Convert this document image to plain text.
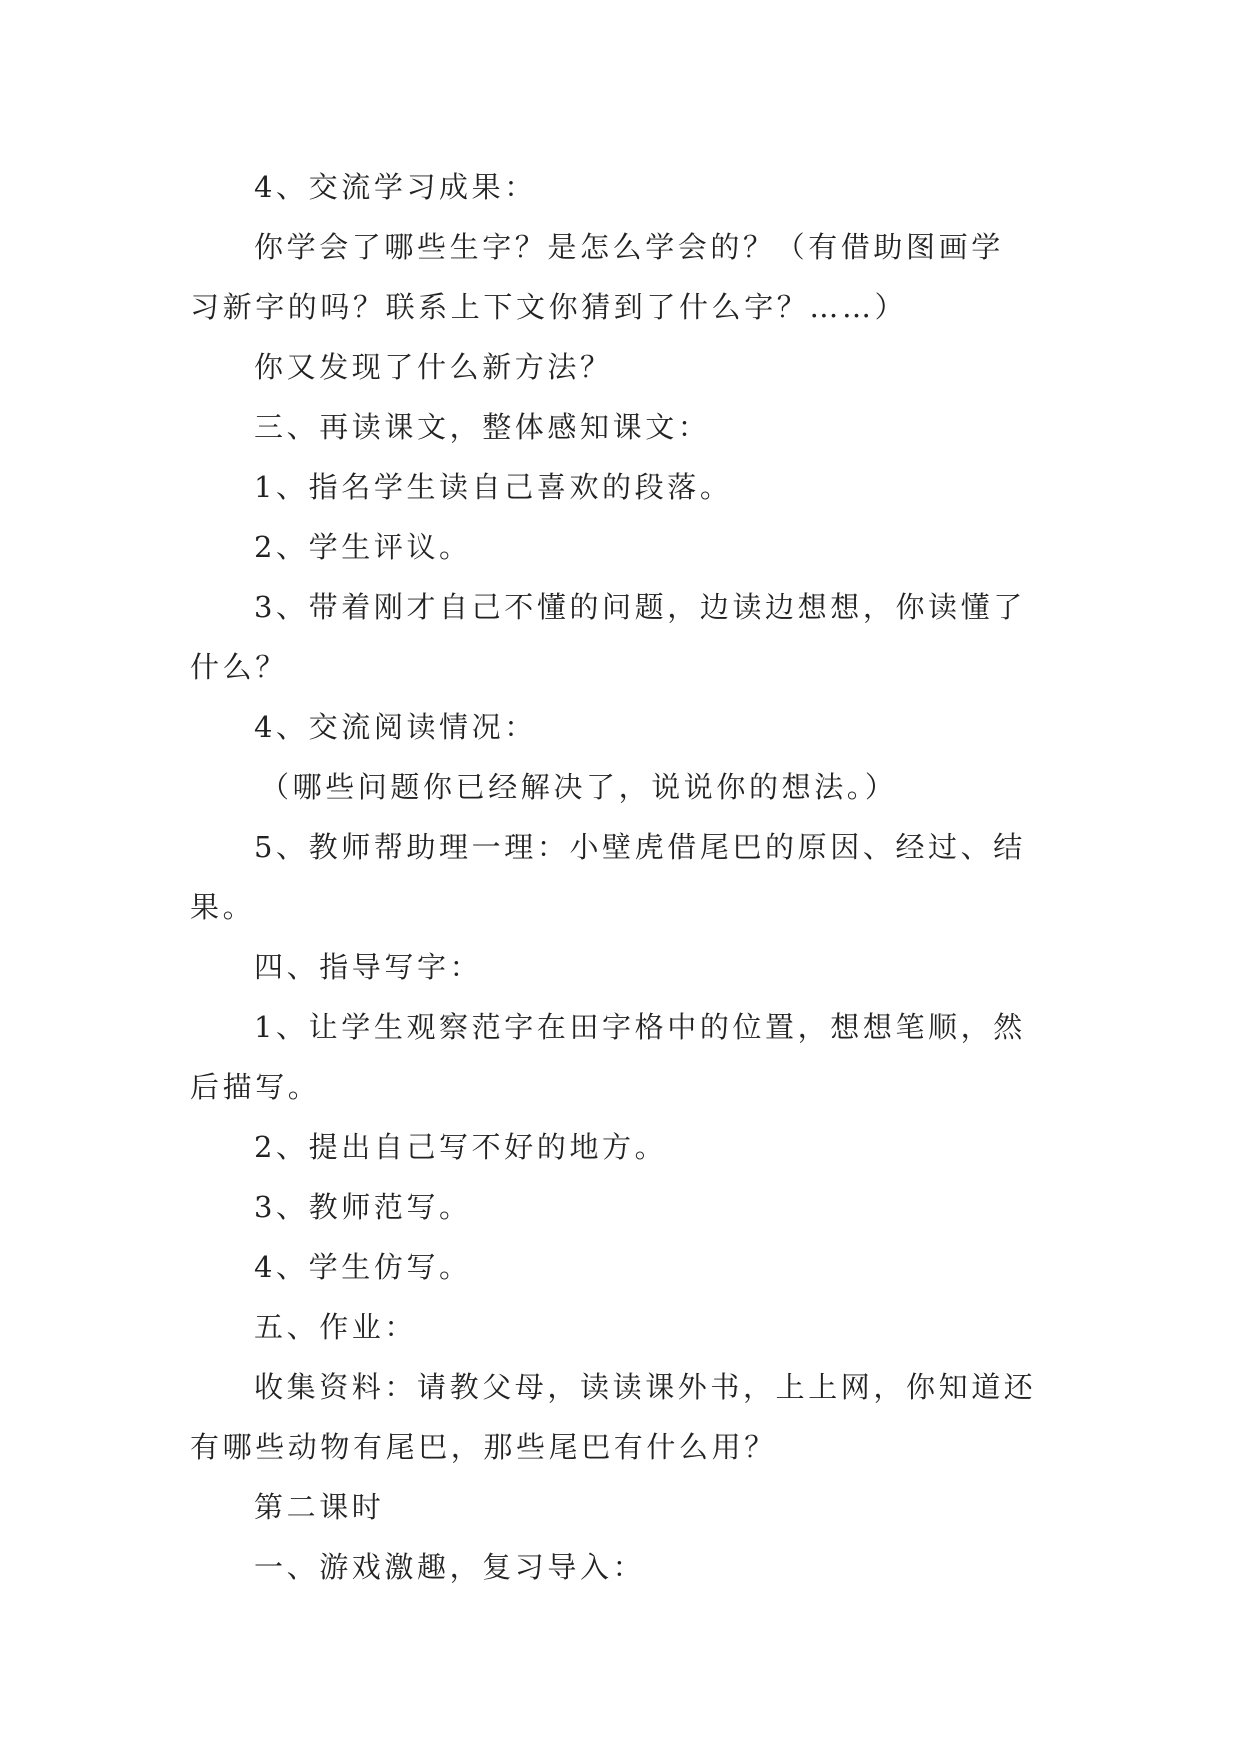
4、交流学习成果：
你学会了哪些生字？是怎么学会的？（有借助图画学
习新字的吗？联系上下文你猜到了什么字？……）
你又发现了什么新方法？
三、再读课文，整体感知课文：
1、指名学生读自己喜欢的段落。
2、学生评议。
3、带着刚才自己不懂的问题，边读边想想，你读懂了
什么？
4、交流阅读情况：
（哪些问题你已经解决了，说说你的想法。）
5、教师帮助理一理：小壁虎借尾巴的原因、经过、结
果。
四、指导写字：
1、让学生观察范字在田字格中的位置，想想笔顺，然
后描写。
2、提出自己写不好的地方。
3、教师范写。
4、学生仿写。
五、作业：
收集资料：请教父母，读读课外书，上上网，你知道还
有哪些动物有尾巴，那些尾巴有什么用？
第二课时
一、游戏激趣，复习导入：
